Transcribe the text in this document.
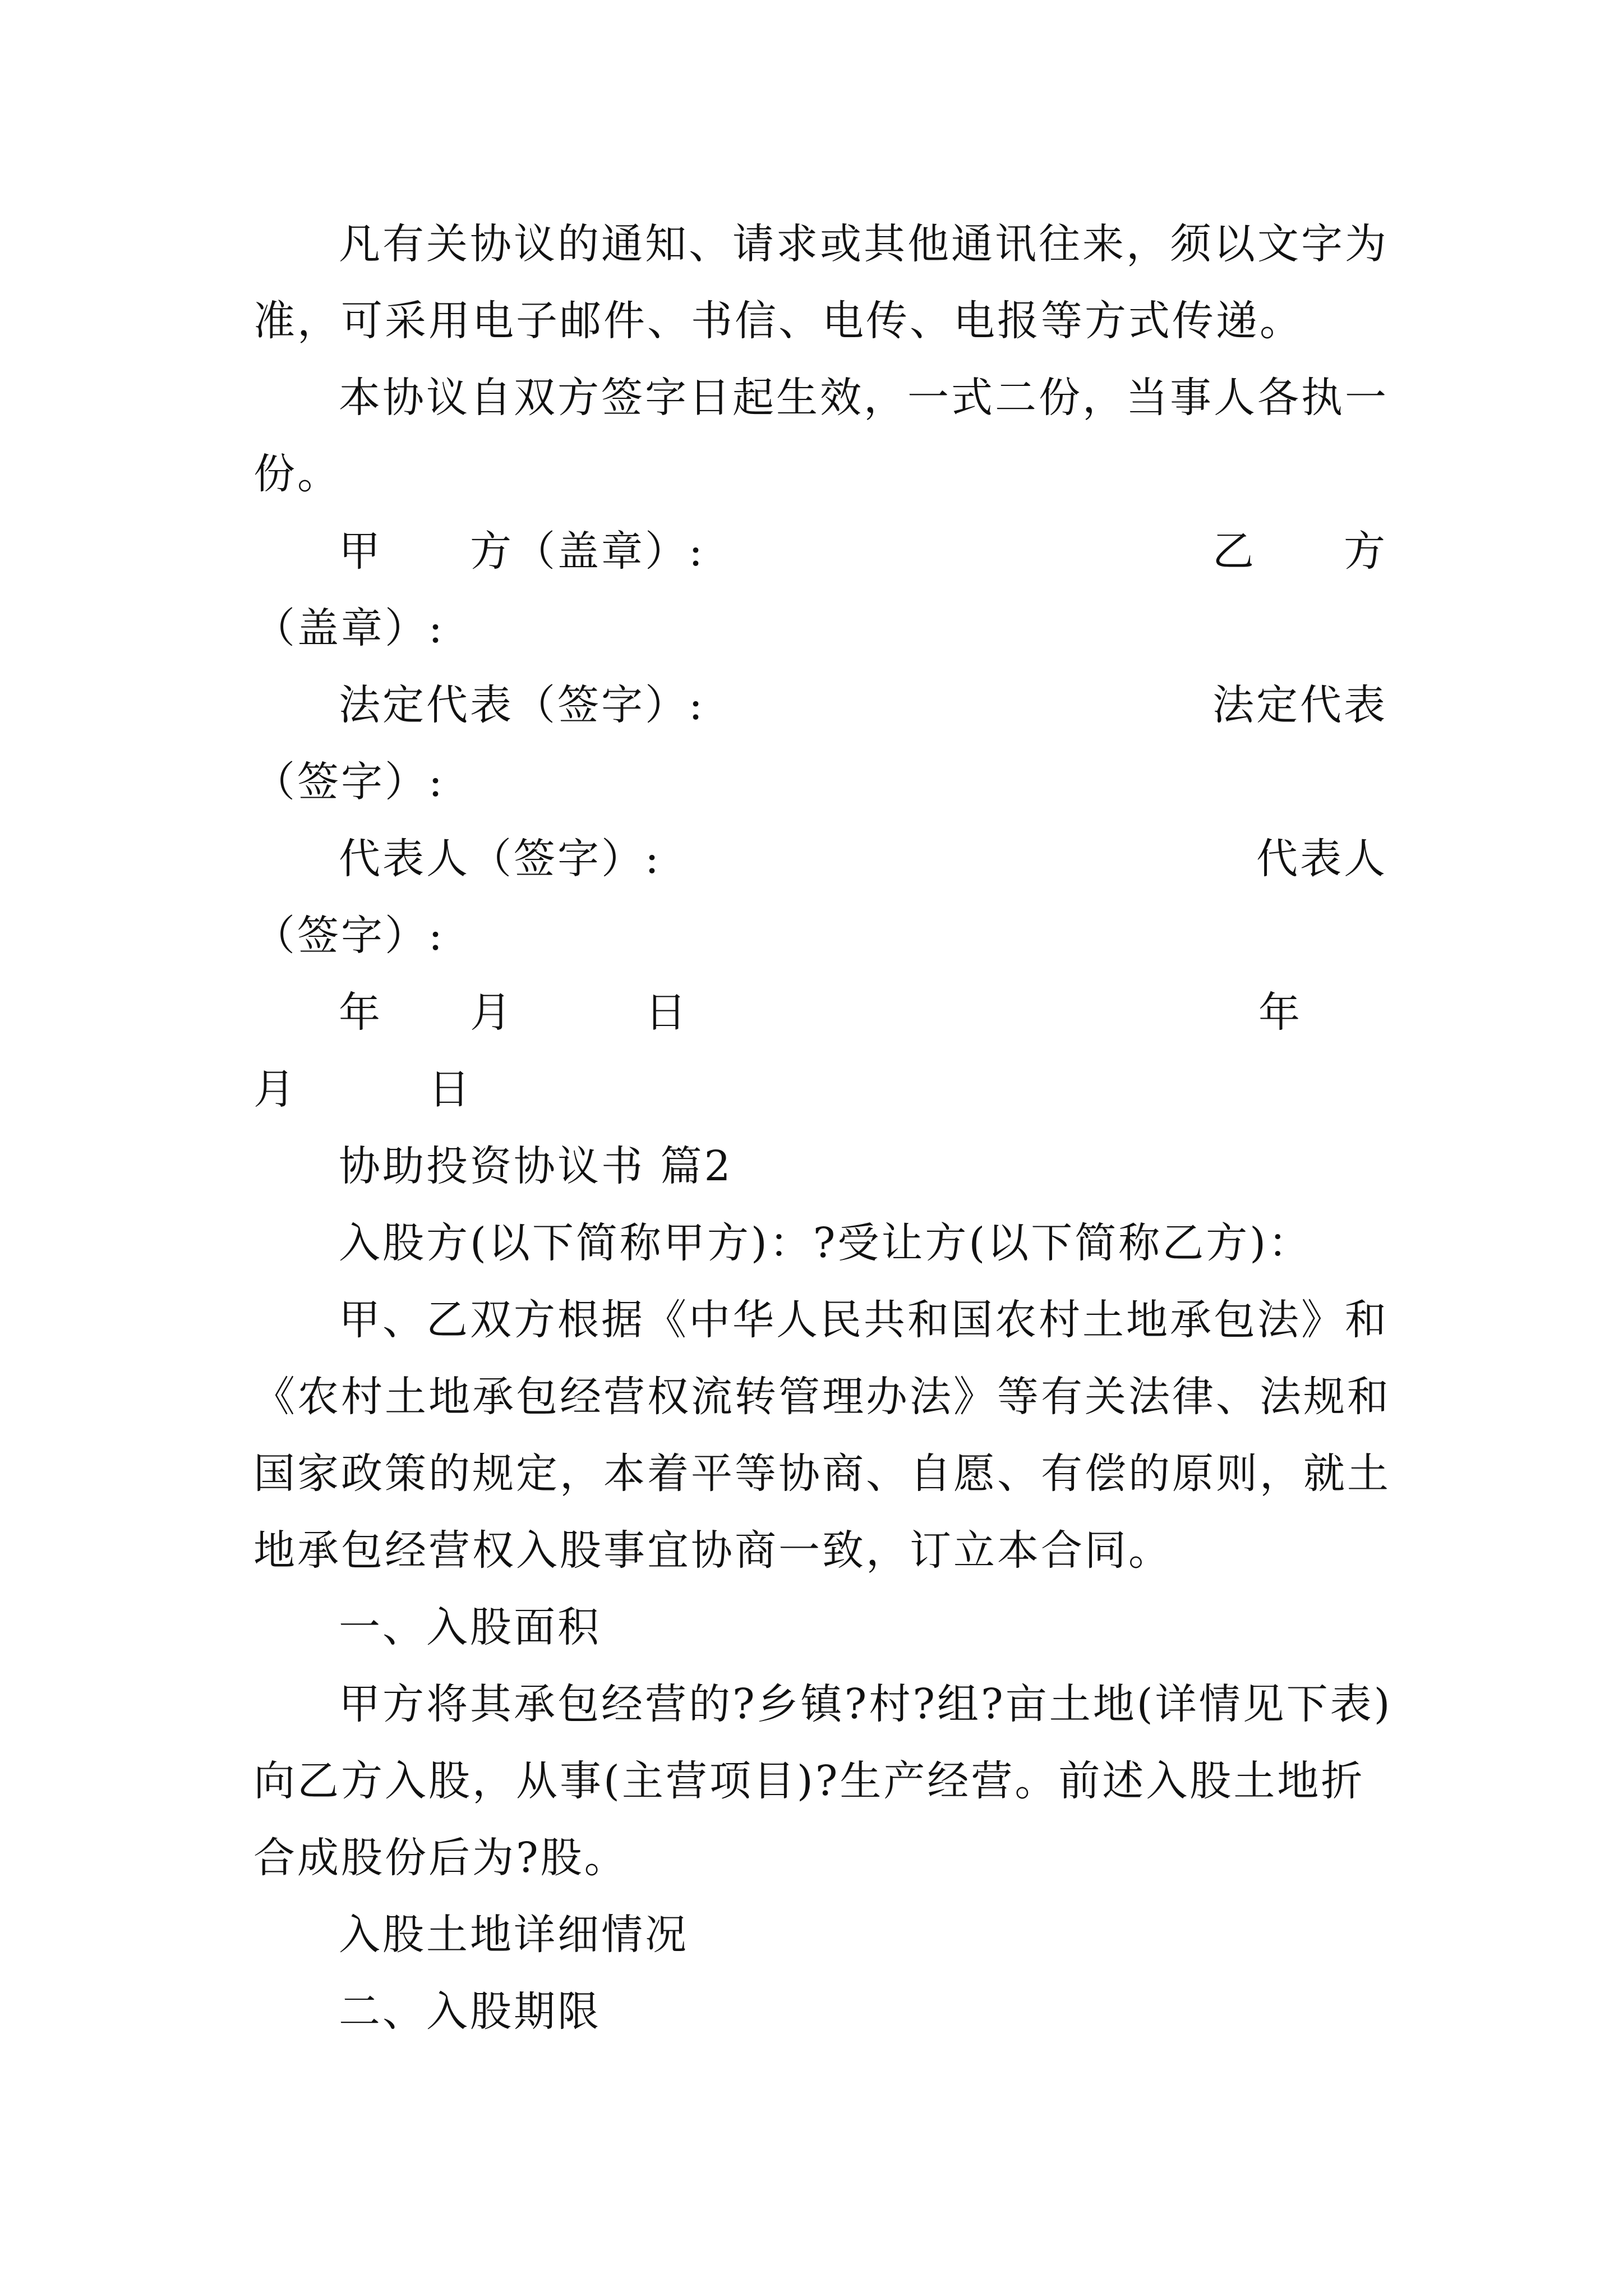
凡有关协议的通知、请求或其他通讯往来，须以文字为
准，可采用电子邮件、书信、电传、电报等方式传递。
本协议自双方签字日起生效，一式二份，当事人各执一
份。
甲　　方（盖章）:	乙　　方
（盖章）:
法定代表（签字）:	法定代表
（签字）:
代表人（签字）:	代表人
（签字）:
年　　月　　　日	年
月　　　日
协助投资协议书 篇2
入股方(以下简称甲方)：?受让方(以下简称乙方)：
甲、乙双方根据《中华人民共和国农村土地承包法》和
《农村土地承包经营权流转管理办法》等有关法律、法规和
国家政策的规定，本着平等协商、自愿、有偿的原则，就土
地承包经营权入股事宜协商一致，订立本合同。
一、入股面积
甲方将其承包经营的?乡镇?村?组?亩土地(详情见下表)
向乙方入股，从事(主营项目)?生产经营。前述入股土地折
合成股份后为?股。
入股土地详细情况
二、入股期限
